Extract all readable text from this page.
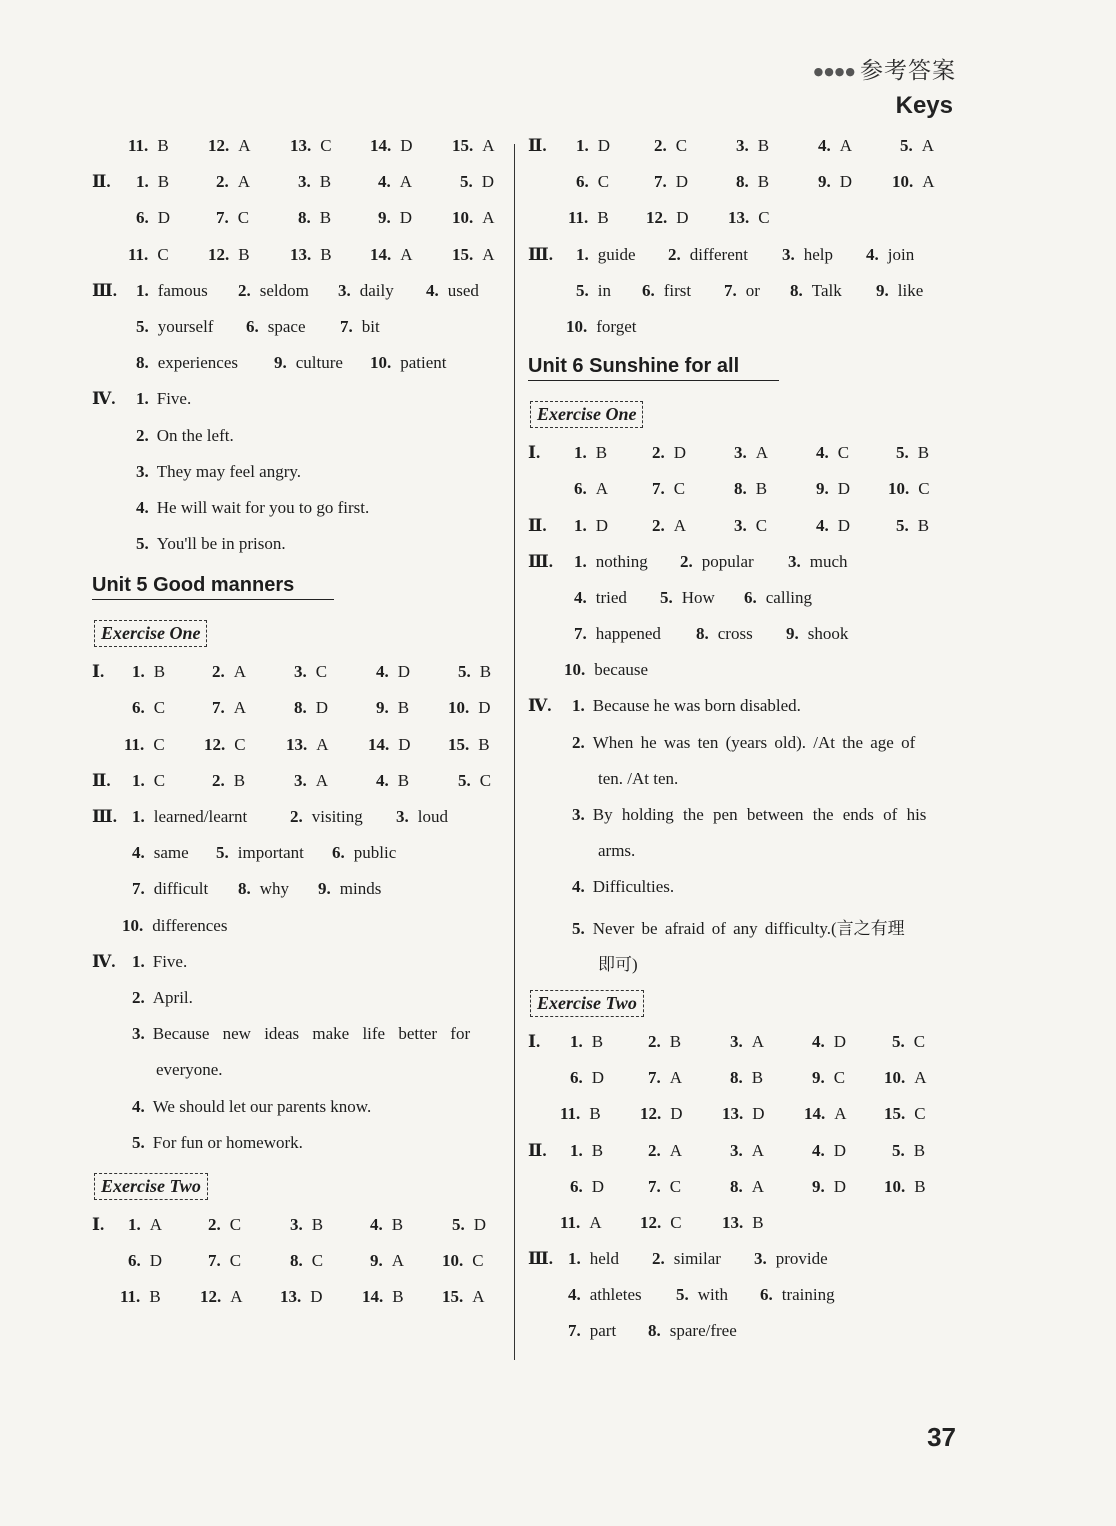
●●●● 参考答案
Keys
11. B 12. A 13. C 14. D 15. A
Ⅱ. 1. B	2. A	3. B	4. A	5. D
6. D	7. C	8. B	9. D 10. A
11. C 12. B 13. B 14. A 15. A
Ⅲ. 1. famous 2. seldom 3. daily 4. used
5. yourself 6. space 7. bit
8. experiences 9. culture 10. patient
Ⅳ. 1. Five.
2. On the left.
3. They may feel angry.
4. He will wait for you to go first.
5. You'll be in prison.
Unit 5 Good manners
Exercise One
Ⅰ. 1. B	2. A	3. C	4. D	5. B
6. C	7. A	8. D	9. B 10. D
11. C 12. C 13. A 14. D 15. B
Ⅱ. 1. C	2. B	3. A	4. B	5. C
Ⅲ. 1. learned/learnt	2. visiting 3. loud
4. same 5. important 6. public
7. difficult 8. why 9. minds
10. differences
Ⅳ. 1. Five.
2. April.
3. Because new ideas make life better for
everyone.
4. We should let our parents know.
5. For fun or homework.
Exercise Two
Ⅰ. 1. A	2. C	3. B	4. B	5. D
6. D	7. C	8. C	9. A 10. C
11. B 12. A 13. D 14. B 15. A
Ⅱ. 1. D	2. C	3. B	4. A	5. A
6. C	7. D	8. B	9. D 10. A
11. B 12. D 13. C
Ⅲ. 1. guide 2. different 3. help 4. join
5. in 6. first 7. or 8. Talk 9. like
10. forget
Unit 6 Sunshine for all
Exercise One
Ⅰ. 1. B	2. D	3. A	4. C	5. B
6. A	7. C	8. B	9. D 10. C
Ⅱ. 1. D	2. A	3. C	4. D	5. B
Ⅲ. 1. nothing 2. popular 3. much
4. tried 5. How 6. calling
7. happened 8. cross 9. shook
10. because
Ⅳ. 1. Because he was born disabled.
2. When he was ten (years old). /At the age of
ten. /At ten.
3. By holding the pen between the ends of his
arms.
4. Difficulties.
5. Never be afraid of any difficulty.(言之有理
即可)
Exercise Two
Ⅰ. 1. B	2. B	3. A	4. D	5. C
6. D	7. A	8. B	9. C 10. A
11. B 12. D 13. D 14. A 15. C
Ⅱ. 1. B	2. A	3. A	4. D	5. B
6. D	7. C	8. A	9. D 10. B
11. A 12. C 13. B
Ⅲ. 1. held 2. similar 3. provide
4. athletes 5. with 6. training
7. part 8. spare/free
37
